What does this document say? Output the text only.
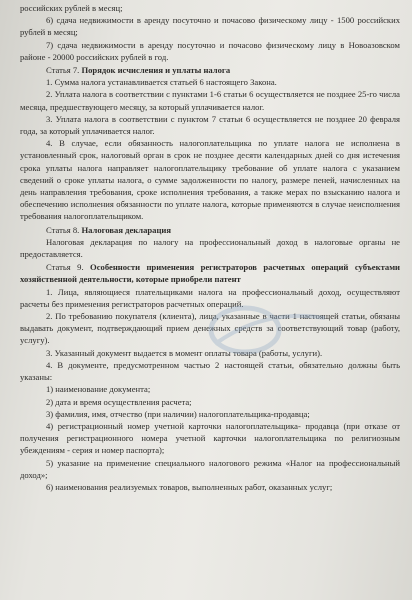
российских рублей в месяц;

6) сдача недвижимости в аренду посуточно и почасово физическому лицу - 1500 российских рублей в месяц;

7) сдача недвижимости в аренду посуточно и почасово физическому лицу в Новоазовском районе - 20000 российских рублей в год.

Статья 7. Порядок исчисления и уплаты налога

1. Сумма налога устанавливается статьей 6 настоящего Закона.

2. Уплата налога в соответствии с пунктами 1-6 статьи 6 осуществляется не позднее 25-го числа месяца, предшествующего месяцу, за который уплачивается налог.

3. Уплата налога в соответствии с пунктом 7 статьи 6 осуществляется не позднее 20 февраля года, за который уплачивается налог.

4. В случае, если обязанность налогоплательщика по уплате налога не исполнена в установленный срок, налоговый орган в срок не позднее десяти календарных дней со дня истечения срока уплаты налога направляет налогоплательщику требование об уплате налога с указанием сведений о сроке уплаты налога, о сумме задолженности по налогу, размере пеней, начисленных на день направления требования, сроке исполнения требования, а также мерах по взысканию налога и обеспечению исполнения обязанности по уплате налога, которые применяются в случае неисполнения требования налогоплательщиком.

Статья 8. Налоговая декларация

Налоговая декларация по налогу на профессиональный доход в налоговые органы не предоставляется.

Статья 9. Особенности применения регистраторов расчетных операций субъектами хозяйственной деятельности, которые приобрели патент

1. Лица, являющиеся плательщиками налога на профессиональный доход, осуществляют расчеты без применения регистраторов расчетных операций.

2. По требованию покупателя (клиента), лица, указанные в части 1 настоящей статьи, обязаны выдавать документ, подтверждающий прием денежных средств за соответствующий товар (работу, услугу).

3. Указанный документ выдается в момент оплаты товара (работы, услуги).

4. В документе, предусмотренном частью 2 настоящей статьи, обязательно должны быть указаны:

1) наименование документа;

2) дата и время осуществления расчета;

3) фамилия, имя, отчество (при наличии) налогоплательщика-продавца;

4) регистрационный номер учетной карточки налогоплательщика- продавца (при отказе от получения регистрационного номера учетной карточки налогоплательщика по религиозным убеждениям - серия и номер паспорта);

5) указание на применение специального налогового режима «Налог на профессиональный доход»;

6) наименования реализуемых товаров, выполненных работ, оказанных услуг;
